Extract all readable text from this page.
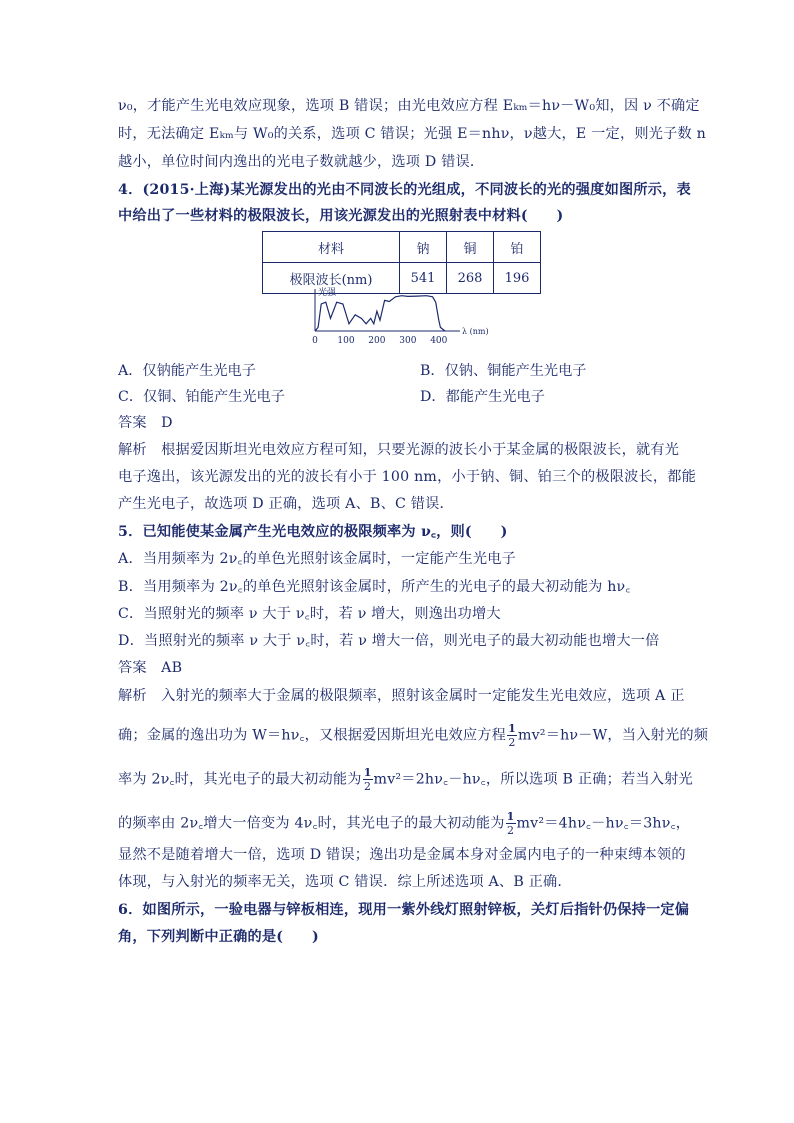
ν₀，才能产生光电效应现象，选项 B 错误；由光电效应方程 Eₖₘ＝hν－W₀知，因 ν 不确定
时，无法确定 Eₖₘ与 W₀的关系，选项 C 错误；光强 E＝nhν，ν越大，E 一定，则光子数 n
越小，单位时间内逸出的光电子数就越少，选项 D 错误．
4．(2015·上海)某光源发出的光由不同波长的光组成，不同波长的光的强度如图所示，表
中给出了一些材料的极限波长，用该光源发出的光照射表中材料(　　)
材料	钠	铜	铂
极限波长(nm)	541	268	196
光强
λ (nm)
0 100 200 300 400
A．仅钠能产生光电子	B．仅钠、铜能产生光电子
C．仅铜、铂能产生光电子	D．都能产生光电子
答案  D
解析  根据爱因斯坦光电效应方程可知，只要光源的波长小于某金属的极限波长，就有光
电子逸出，该光源发出的光的波长有小于 100 nm，小于钠、铜、铂三个的极限波长，都能
产生光电子，故选项 D 正确，选项 A、B、C 错误．
5．已知能使某金属产生光电效应的极限频率为 ν꜀，则(　　)
A．当用频率为 2ν꜀的单色光照射该金属时，一定能产生光电子
B．当用频率为 2ν꜀的单色光照射该金属时，所产生的光电子的最大初动能为 hν꜀
C．当照射光的频率 ν 大于 ν꜀时，若 ν 增大，则逸出功增大
D．当照射光的频率 ν 大于 ν꜀时，若 ν 增大一倍，则光电子的最大初动能也增大一倍
答案  AB
解析  入射光的频率大于金属的极限频率，照射该金属时一定能发生光电效应，选项 A 正
确；金属的逸出功为 W＝hν꜀，又根据爱因斯坦光电效应方程 $\frac{1}{2} mv^2=h\nu-W$，当入射光的频
率为 2ν꜀时，其光电子的最大初动能为 $\frac{1}{2}$ mv²＝2hν꜀－hν꜀，所以选项 B 正确；若当入射光
的频率由 2ν꜀增大一倍变为 4ν꜀时，其光电子的最大初动能为 $\frac{1}{2}$ mv²＝4hν꜀－hν꜀＝3hν꜀，
显然不是随着增大一倍，选项 D 错误；逸出功是金属本身对金属内电子的一种束缚本领的
体现，与入射光的频率无关，选项 C 错误．综上所述选项 A、B 正确．
6．如图所示，一验电器与锌板相连，现用一紫外线灯照射锌板，关灯后指针仍保持一定偏
角，下列判断中正确的是(　　)
